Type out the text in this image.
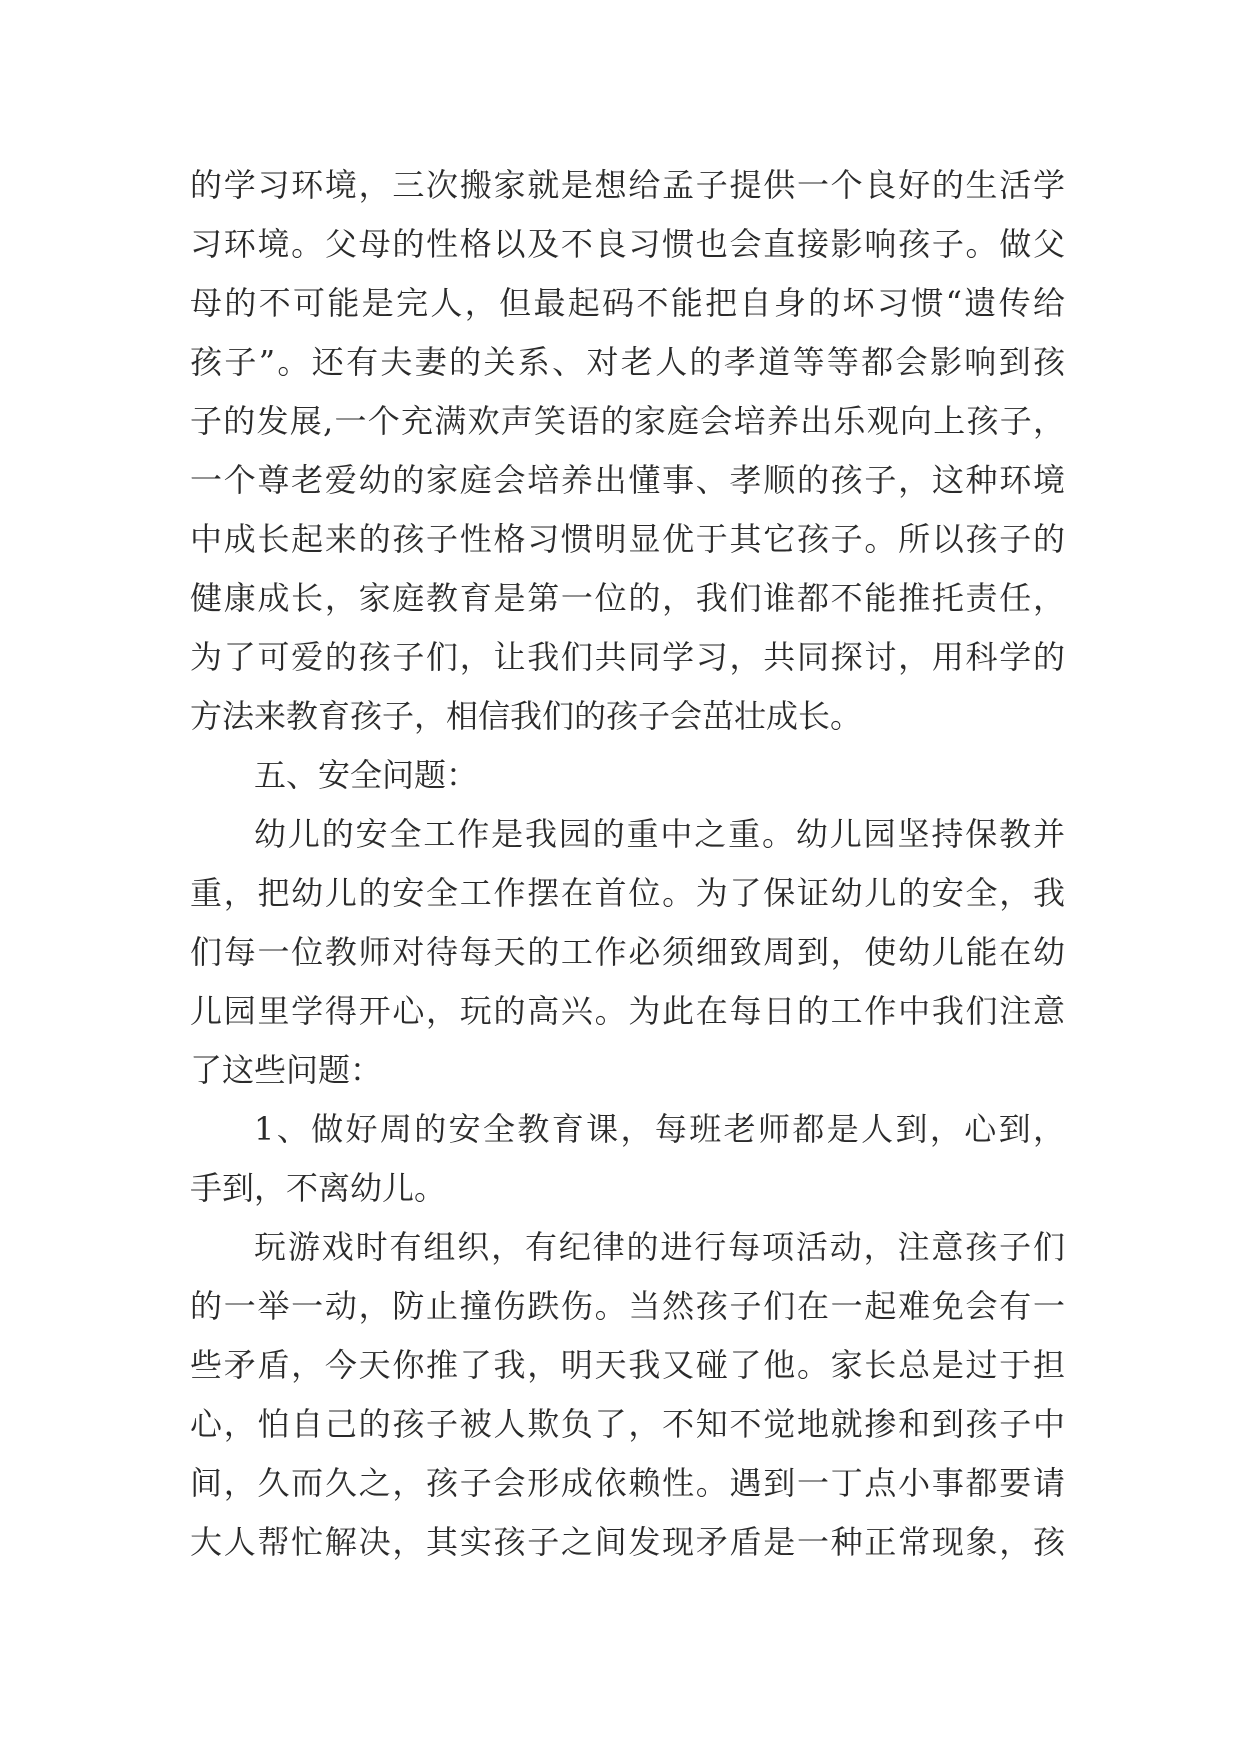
的学习环境，三次搬家就是想给孟子提供一个良好的生活学
习环境。父母的性格以及不良习惯也会直接影响孩子。做父
母的不可能是完人，但最起码不能把自身的坏习惯“遗传给
孩子”。还有夫妻的关系、对老人的孝道等等都会影响到孩
子的发展,一个充满欢声笑语的家庭会培养出乐观向上孩子，
一个尊老爱幼的家庭会培养出懂事、孝顺的孩子，这种环境
中成长起来的孩子性格习惯明显优于其它孩子。所以孩子的
健康成长，家庭教育是第一位的，我们谁都不能推托责任，
为了可爱的孩子们，让我们共同学习，共同探讨，用科学的
方法来教育孩子，相信我们的孩子会茁壮成长。
五、安全问题：
幼儿的安全工作是我园的重中之重。幼儿园坚持保教并
重，把幼儿的安全工作摆在首位。为了保证幼儿的安全，我
们每一位教师对待每天的工作必须细致周到，使幼儿能在幼
儿园里学得开心，玩的高兴。为此在每日的工作中我们注意
了这些问题：
1、做好周的安全教育课，每班老师都是人到，心到，
手到，不离幼儿。
玩游戏时有组织，有纪律的进行每项活动，注意孩子们
的一举一动，防止撞伤跌伤。当然孩子们在一起难免会有一
些矛盾，今天你推了我，明天我又碰了他。家长总是过于担
心，怕自己的孩子被人欺负了，不知不觉地就掺和到孩子中
间，久而久之，孩子会形成依赖性。遇到一丁点小事都要请
大人帮忙解决，其实孩子之间发现矛盾是一种正常现象，孩
